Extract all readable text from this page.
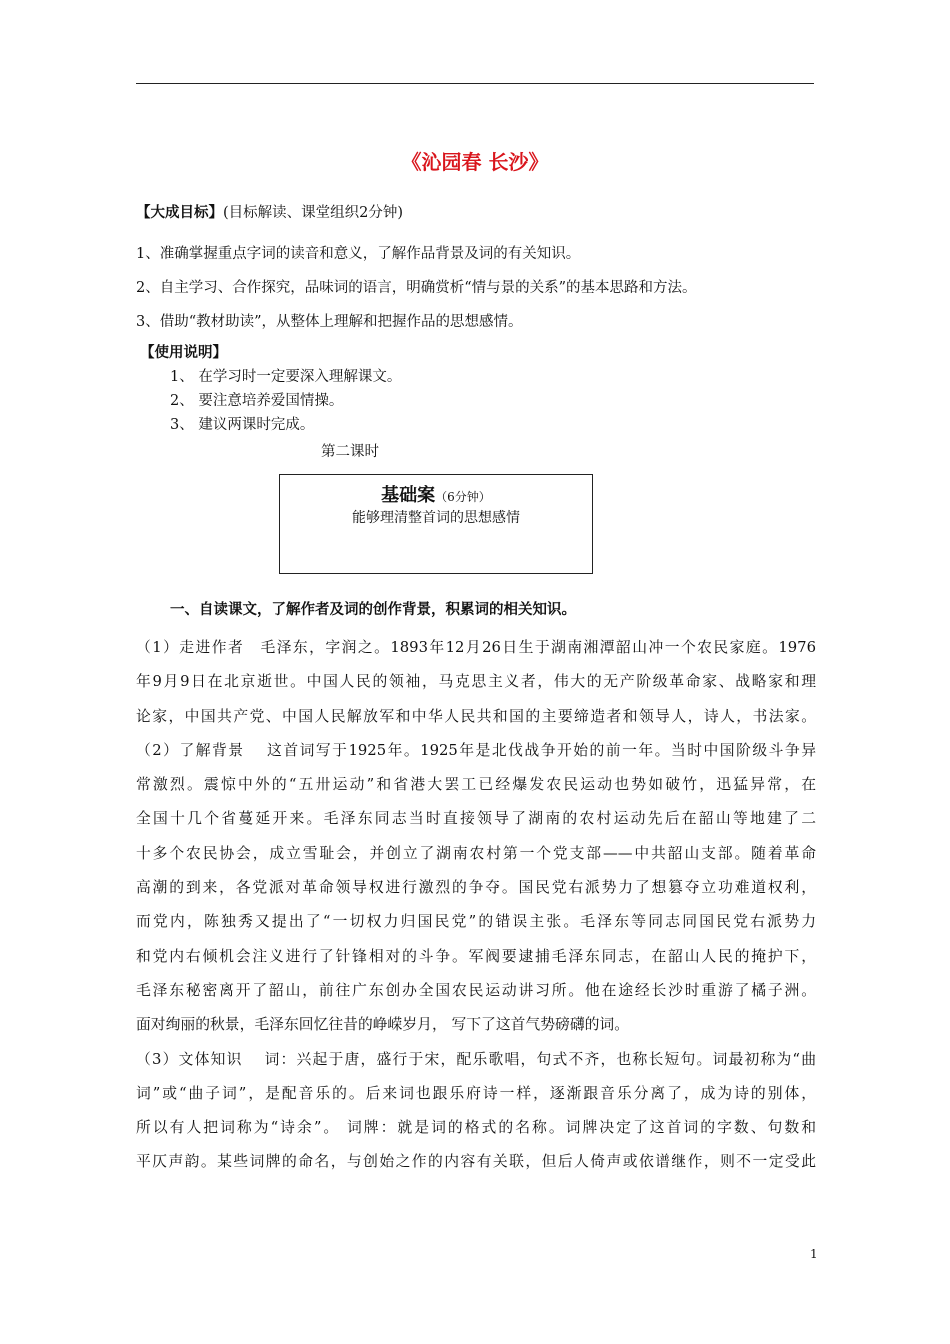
《沁园春 长沙》
【大成目标】(目标解读、课堂组织2分钟)
1、准确掌握重点字词的读音和意义，了解作品背景及词的有关知识。
2、自主学习、合作探究，品味词的语言，明确赏析“情与景的关系”的基本思路和方法。
3、借助“教材助读”，从整体上理解和把握作品的思想感情。
【使用说明】
1、 在学习时一定要深入理解课文。
2、 要注意培养爱国情操。
3、 建议两课时完成。
第二课时
基础案（6分钟）
能够理清整首词的思想感情
一、自读课文，了解作者及词的创作背景，积累词的相关知识。
（1）走进作者　毛泽东，字润之。1893年12月26日生于湖南湘潭韶山冲一个农民家庭。1976
年9月9日在北京逝世。中国人民的领袖，马克思主义者，伟大的无产阶级革命家、战略家和理
论家，中国共产党、中国人民解放军和中华人民共和国的主要缔造者和领导人，诗人，书法家。
（2）了解背景　 这首词写于1925年。1925年是北伐战争开始的前一年。当时中国阶级斗争异
常激烈。震惊中外的“五卅运动”和省港大罢工已经爆发农民运动也势如破竹，迅猛异常，在
全国十几个省蔓延开来。毛泽东同志当时直接领导了湖南的农村运动先后在韶山等地建了二
十多个农民协会，成立雪耻会，并创立了湖南农村第一个党支部——中共韶山支部。随着革命
高潮的到来，各党派对革命领导权进行激烈的争夺。国民党右派势力了想篡夺立功难道权利，
而党内，陈独秀又提出了“一切权力归国民党”的错误主张。毛泽东等同志同国民党右派势力
和党内右倾机会注义进行了针锋相对的斗争。军阀要逮捕毛泽东同志，在韶山人民的掩护下，
毛泽东秘密离开了韶山，前往广东创办全国农民运动讲习所。他在途经长沙时重游了橘子洲。
面对绚丽的秋景，毛泽东回忆往昔的峥嵘岁月， 写下了这首气势磅礴的词。
（3）文体知识　 词：兴起于唐，盛行于宋，配乐歌唱，句式不齐，也称长短句。词最初称为“曲
词”或“曲子词”，是配音乐的。后来词也跟乐府诗一样，逐渐跟音乐分离了，成为诗的别体，
所以有人把词称为“诗余”。 词牌：就是词的格式的名称。词牌决定了这首词的字数、句数和
平仄声韵。某些词牌的命名，与创始之作的内容有关联，但后人倚声或依谱继作，则不一定受此
1
